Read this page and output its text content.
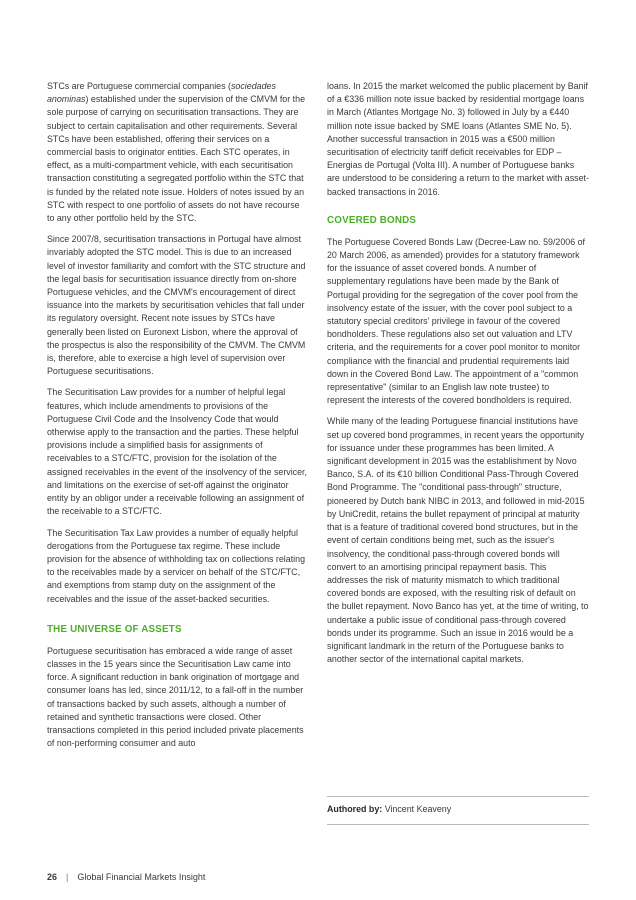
STCs are Portuguese commercial companies (sociedades anominas) established under the supervision of the CMVM for the sole purpose of carrying on securitisation transactions. They are subject to certain capitalisation and other requirements. Several STCs have been established, offering their services on a commercial basis to originator entities. Each STC operates, in effect, as a multi-compartment vehicle, with each securitisation transaction constituting a segregated portfolio within the STC that is funded by the related note issue. Holders of notes issued by an STC with respect to one portfolio of assets do not have recourse to any other portfolio held by the STC.

Since 2007/8, securitisation transactions in Portugal have almost invariably adopted the STC model. This is due to an increased level of investor familiarity and comfort with the STC structure and the legal basis for securitisation issuance directly from on-shore Portuguese vehicles, and the CMVM's encouragement of direct issuance into the markets by securitisation vehicles that fall under its regulatory oversight. Recent note issues by STCs have generally been listed on Euronext Lisbon, where the approval of the prospectus is also the responsibility of the CMVM. The CMVM is, therefore, able to exercise a high level of supervision over Portuguese securitisations.

The Securitisation Law provides for a number of helpful legal features, which include amendments to provisions of the Portuguese Civil Code and the Insolvency Code that would otherwise apply to the transaction and the parties. These helpful provisions include a simplified basis for assignments of receivables to a STC/FTC, provision for the isolation of the assigned receivables in the event of the insolvency of the servicer, and limitations on the exercise of set-off against the originator entity by an obligor under a receivable following an assignment of the receivable to a STC/FTC.

The Securitisation Tax Law provides a number of equally helpful derogations from the Portuguese tax regime. These include provision for the absence of withholding tax on collections relating to the receivables made by a servicer on behalf of the STC/FTC, and exemptions from stamp duty on the assignment of the receivables and the issue of the asset-backed securities.

THE UNIVERSE OF ASSETS

Portuguese securitisation has embraced a wide range of asset classes in the 15 years since the Securitisation Law came into force. A significant reduction in bank origination of mortgage and consumer loans has led, since 2011/12, to a fall-off in the number of transactions backed by such assets, although a number of retained and synthetic transactions were closed. Other transactions completed in this period included private placements of non-performing consumer and auto

loans. In 2015 the market welcomed the public placement by Banif of a €336 million note issue backed by residential mortgage loans in March (Atlantes Mortgage No. 3) followed in July by a €440 million note issue backed by SME loans (Atlantes SME No. 5). Another successful transaction in 2015 was a €500 million securitisation of electricity tariff deficit receivables for EDP – Energias de Portugal (Volta III). A number of Portuguese banks are understood to be considering a return to the market with asset-backed transactions in 2016.

COVERED BONDS

The Portuguese Covered Bonds Law (Decree-Law no. 59/2006 of 20 March 2006, as amended) provides for a statutory framework for the issuance of asset covered bonds. A number of supplementary regulations have been made by the Bank of Portugal providing for the segregation of the cover pool from the insolvency estate of the issuer, with the cover pool subject to a statutory special creditors' privilege in favour of the covered bondholders. These regulations also set out valuation and LTV criteria, and the requirements for a cover pool monitor to monitor compliance with the financial and prudential requirements laid down in the Covered Bond Law. The appointment of a "common representative" (similar to an English law note trustee) to represent the interests of the covered bondholders is required.

While many of the leading Portuguese financial institutions have set up covered bond programmes, in recent years the opportunity for issuance under these programmes has been limited. A significant development in 2015 was the establishment by Novo Banco, S.A. of its €10 billion Conditional Pass-Through Covered Bond Programme. The "conditional pass-through" structure, pioneered by Dutch bank NIBC in 2013, and followed in mid-2015 by UniCredit, retains the bullet repayment of principal at maturity that is a feature of traditional covered bond structures, but in the event of certain conditions being met, such as the issuer's insolvency, the conditional pass-through covered bonds will convert to an amortising principal repayment basis. This addresses the risk of maturity mismatch to which traditional covered bonds are exposed, with the resulting risk of default on the bullet repayment. Novo Banco has yet, at the time of writing, to undertake a public issue of conditional pass-through covered bonds under its programme. Such an issue in 2016 would be a significant landmark in the return of the Portuguese banks to another sector of the international capital markets.

Authored by: Vincent Keaveny
26 | Global Financial Markets Insight
